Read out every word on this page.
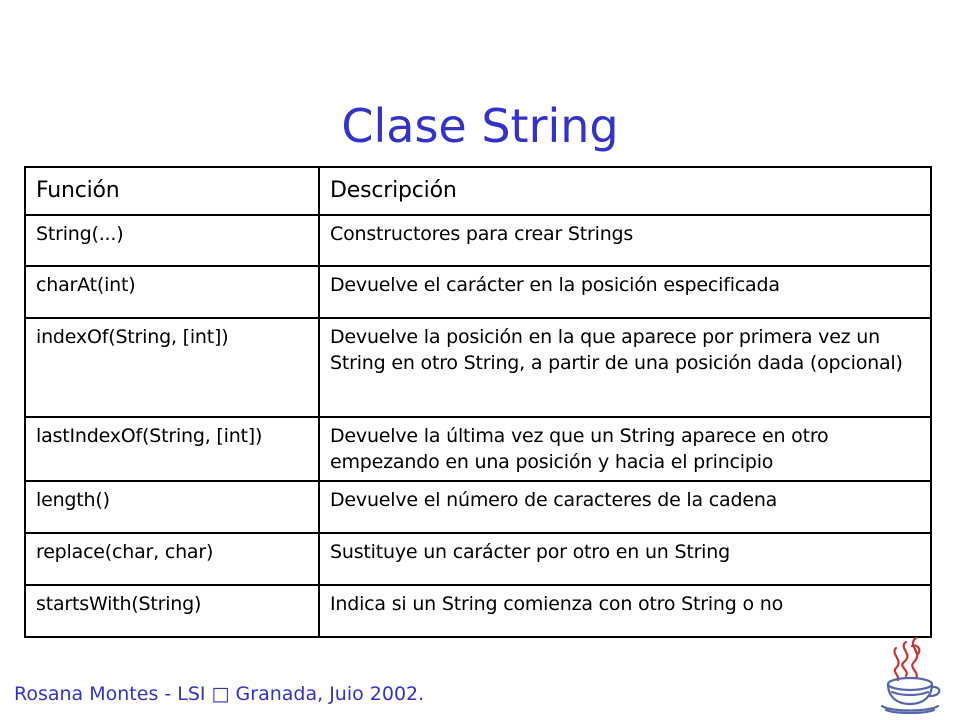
Clase String
Función	Descripción
String(...)	Constructores para crear Strings
charAt(int)	Devuelve el carácter en la posición especificada
indexOf(String, [int])	Devuelve la posición en la que aparece por primera vez un String en otro String, a partir de una posición dada (opcional)
lastIndexOf(String, [int])	Devuelve la última vez que un String aparece en otro empezando en una posición y hacia el principio
length()	Devuelve el número de caracteres de la cadena
replace(char, char)	Sustituye un carácter por otro en un String
startsWith(String)	Indica si un String comienza con otro String o no
Rosana Montes - LSI □ Granada, Juio 2002.
